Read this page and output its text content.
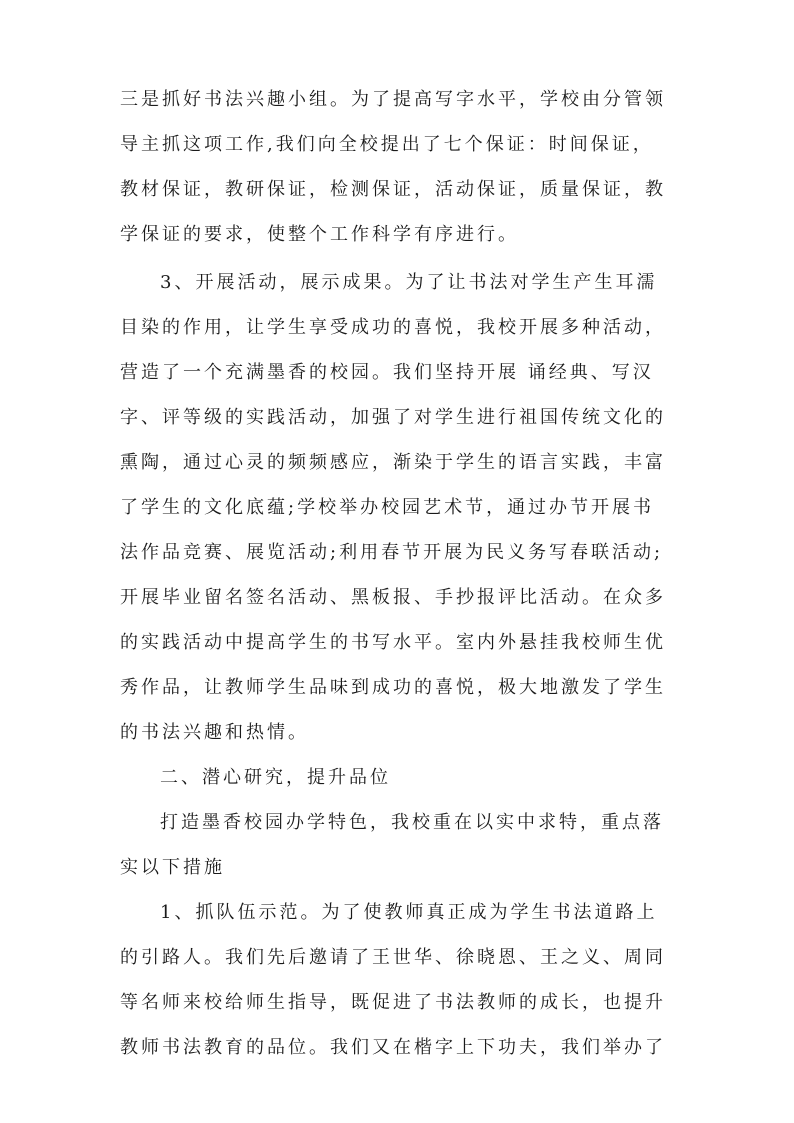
三是抓好书法兴趣小组。为了提高写字水平，学校由分管领
导主抓这项工作,我们向全校提出了七个保证：时间保证，
教材保证，教研保证，检测保证，活动保证，质量保证，教
学保证的要求，使整个工作科学有序进行。
3、开展活动，展示成果。为了让书法对学生产生耳濡
目染的作用，让学生享受成功的喜悦，我校开展多种活动，
营造了一个充满墨香的校园。我们坚持开展 诵经典、写汉
字、评等级的实践活动，加强了对学生进行祖国传统文化的
熏陶，通过心灵的频频感应，渐染于学生的语言实践，丰富
了学生的文化底蕴;学校举办校园艺术节，通过办节开展书
法作品竞赛、展览活动;利用春节开展为民义务写春联活动;
开展毕业留名签名活动、黑板报、手抄报评比活动。在众多
的实践活动中提高学生的书写水平。室内外悬挂我校师生优
秀作品，让教师学生品味到成功的喜悦，极大地激发了学生
的书法兴趣和热情。
二、潜心研究，提升品位
打造墨香校园办学特色，我校重在以实中求特，重点落
实以下措施
1、抓队伍示范。为了使教师真正成为学生书法道路上
的引路人。我们先后邀请了王世华、徐晓恩、王之义、周同
等名师来校给师生指导，既促进了书法教师的成长，也提升
教师书法教育的品位。我们又在楷字上下功夫，我们举办了
